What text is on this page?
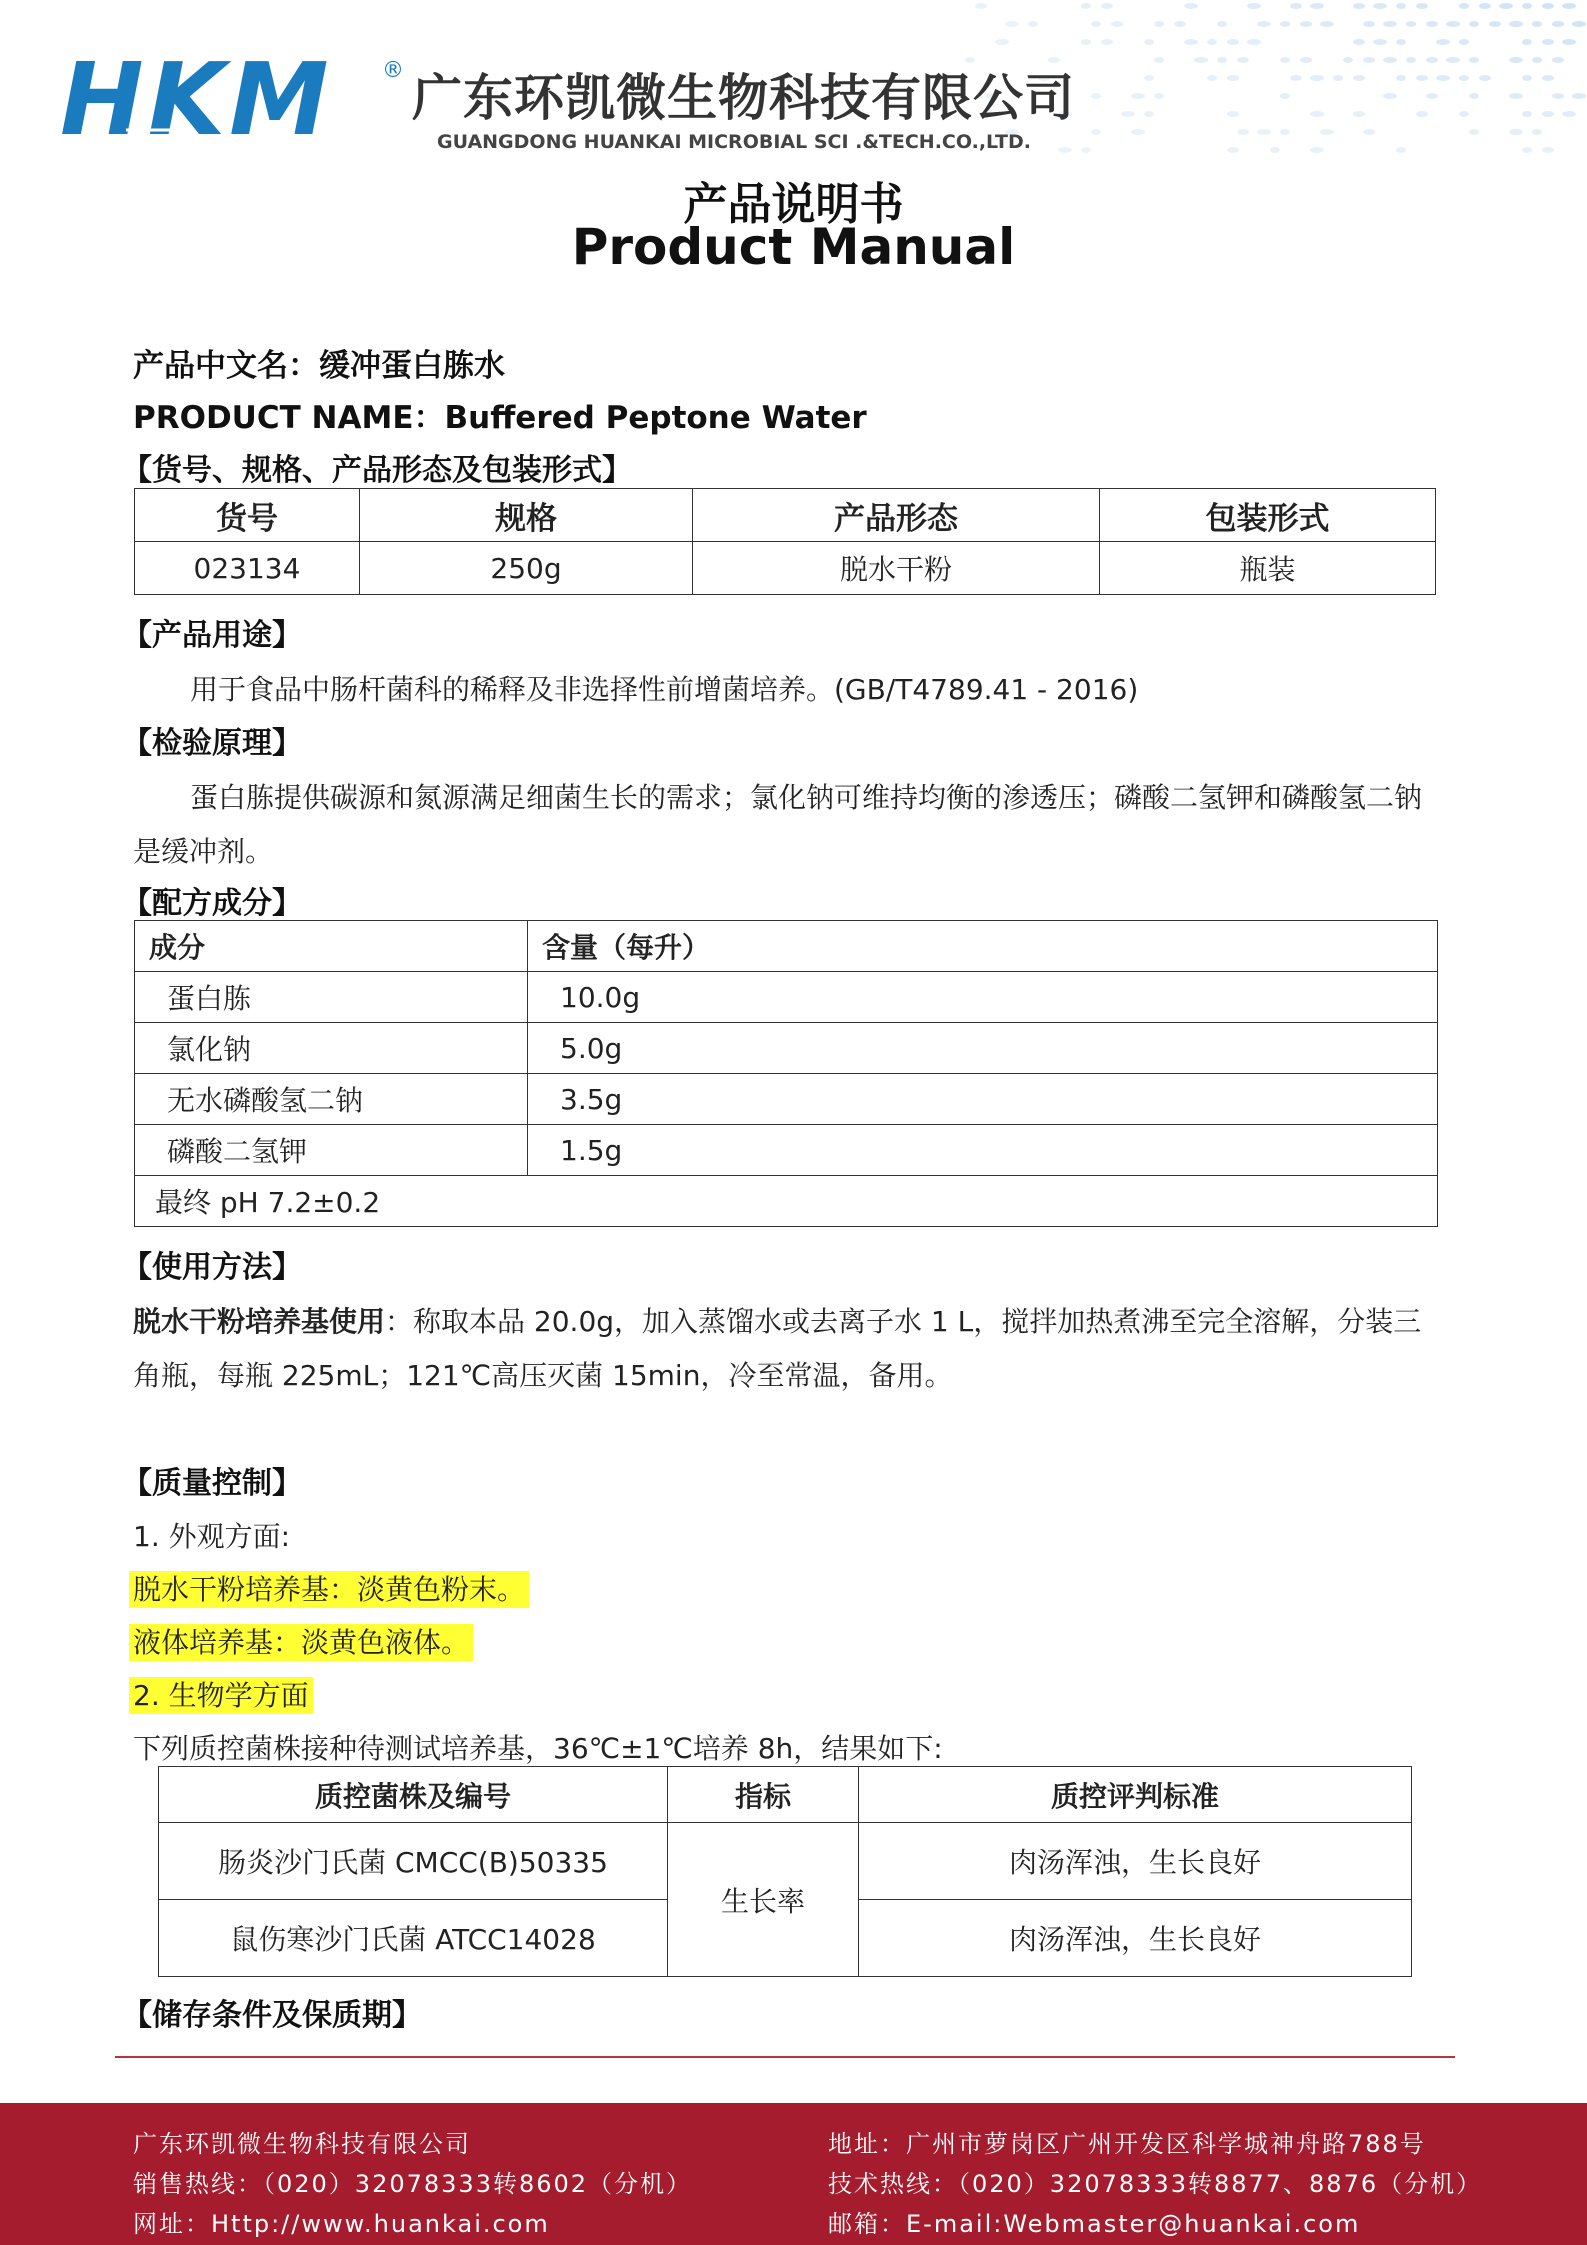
HKM ® 广东环凯微生物科技有限公司
GUANGDONG HUANKAI MICROBIAL SCI .&TECH.CO.,LTD.
产品说明书
Product Manual
产品中文名：缓冲蛋白胨水
PRODUCT NAME：Buffered Peptone Water
【货号、规格、产品形态及包装形式】
货号	规格	产品形态	包装形式
023134	250g	脱水干粉	瓶装
【产品用途】
用于食品中肠杆菌科的稀释及非选择性前增菌培养。(GB/T4789.41 - 2016)
【检验原理】
蛋白胨提供碳源和氮源满足细菌生长的需求；氯化钠可维持均衡的渗透压；磷酸二氢钾和磷酸氢二钠
是缓冲剂。
【配方成分】
成分	含量（每升）
蛋白胨	10.0g
氯化钠	5.0g
无水磷酸氢二钠	3.5g
磷酸二氢钾	1.5g
最终 pH 7.2±0.2	
【使用方法】
脱水干粉培养基使用：称取本品 20.0g，加入蒸馏水或去离子水 1 L，搅拌加热煮沸至完全溶解，分装三
角瓶，每瓶 225mL；121℃高压灭菌 15min，冷至常温，备用。
【质量控制】
1. 外观方面:
脱水干粉培养基：淡黄色粉末。
液体培养基：淡黄色液体。
2. 生物学方面
下列质控菌株接种待测试培养基，36℃±1℃培养 8h，结果如下:
质控菌株及编号	指标	质控评判标准
肠炎沙门氏菌 CMCC(B)50335	生长率	肉汤浑浊，生长良好
鼠伤寒沙门氏菌 ATCC14028		肉汤浑浊，生长良好
【储存条件及保质期】
广东环凯微生物科技有限公司
销售热线：（020）32078333转8602（分机）
网址：Http://www.huankai.com
地址：广州市萝岗区广州开发区科学城神舟路788号
技术热线：（020）32078333转8877、8876（分机）
邮箱：E-mail:Webmaster@huankai.com
